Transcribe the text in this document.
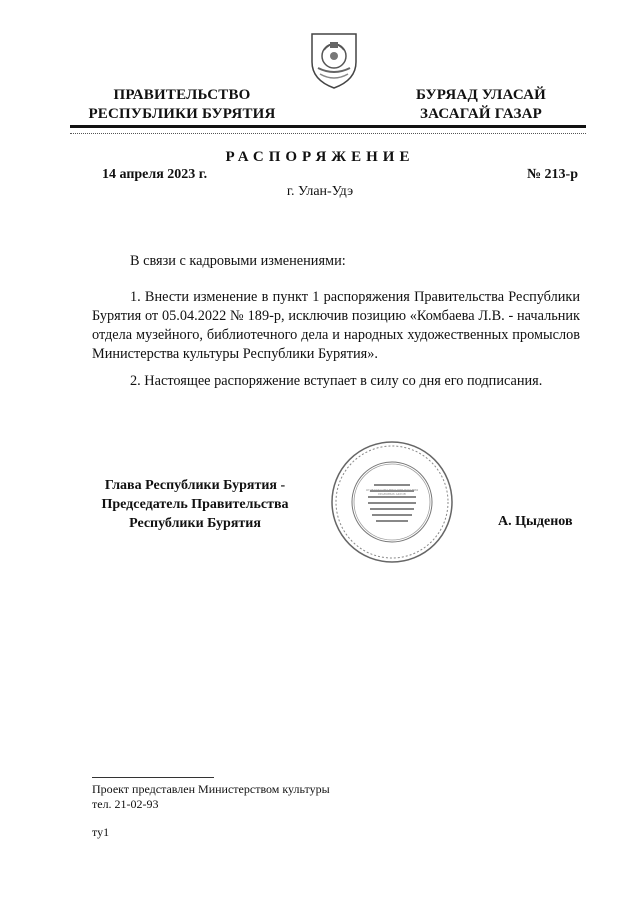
ПРАВИТЕЛЬСТВО
РЕСПУБЛИКИ БУРЯТИЯ
БУРЯАД УЛАСАЙ
ЗАСАГАЙ ГАЗАР
РАСПОРЯЖЕНИЕ
14 апреля 2023 г.	№ 213-р
г. Улан-Удэ
В связи с кадровыми изменениями:
1. Внести изменение в пункт 1 распоряжения Правительства Республики Бурятия от 05.04.2022 № 189-р, исключив позицию «Комбаева Л.В. - начальник отдела музейного, библиотечного дела и народных художественных промыслов Министерства культуры Республики Бурятия».
2. Настоящее распоряжение вступает в силу со дня его подписания.
Глава Республики Бурятия -
Председатель Правительства
Республики Бурятия
ОТДЕЛ ПО ОРГАНИЗАЦИИ ИЗДАНИЯ ПРАВОВЫХ АКТОВ
А. Цыденов
Проект представлен Министерством культуры
тел. 21-02-93
ту1
